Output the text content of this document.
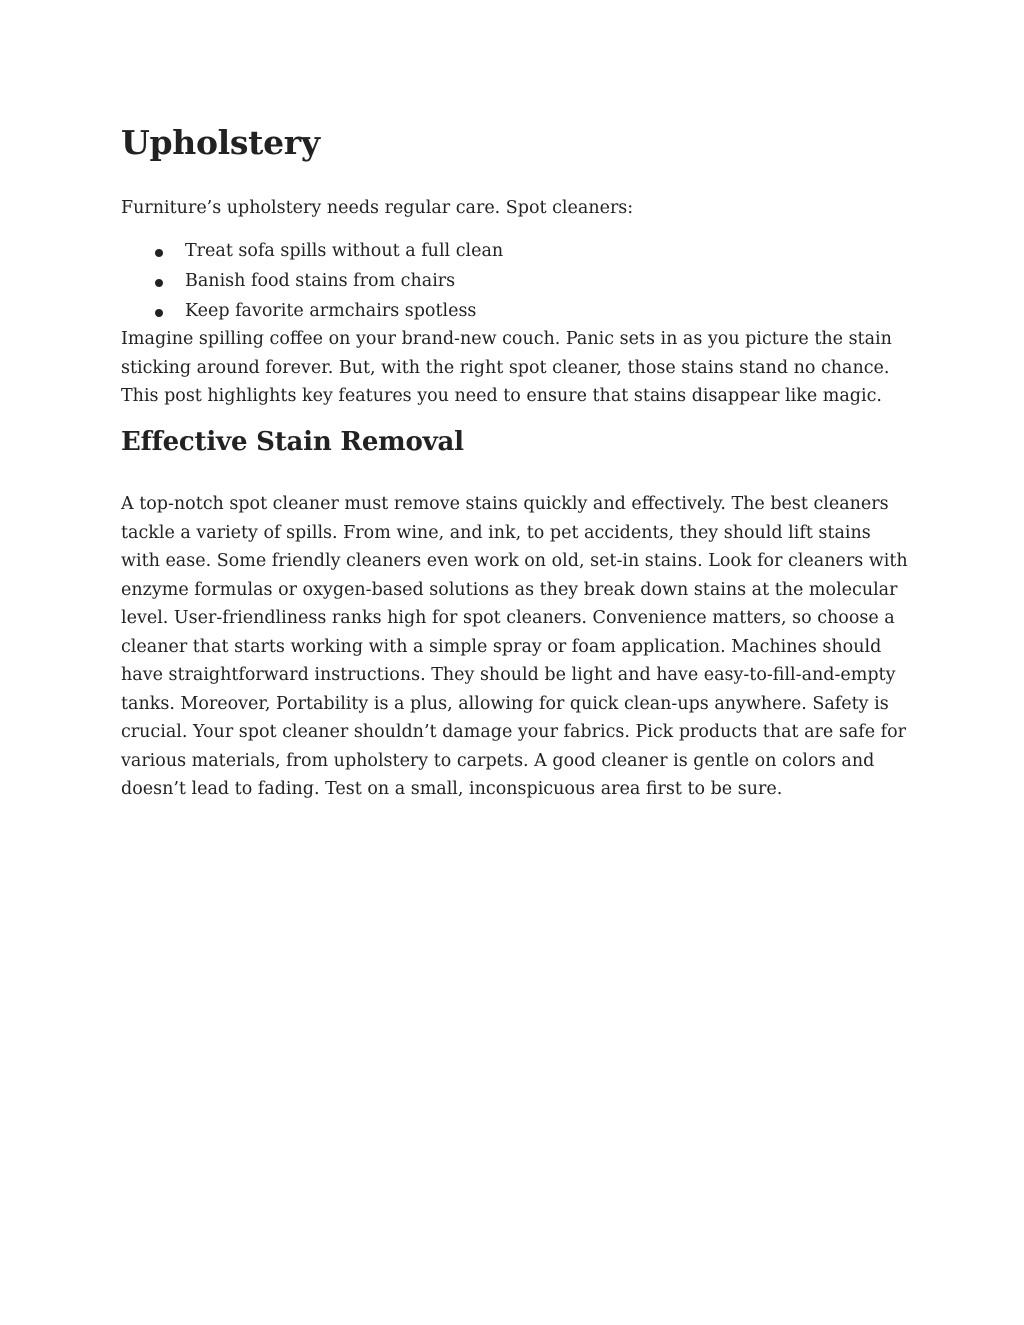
Upholstery

Furniture’s upholstery needs regular care. Spot cleaners:

Treat sofa spills without a full clean
Banish food stains from chairs
Keep favorite armchairs spotless

Imagine spilling coffee on your brand-new couch. Panic sets in as you picture the stain sticking around forever. But, with the right spot cleaner, those stains stand no chance. This post highlights key features you need to ensure that stains disappear like magic.

Effective Stain Removal

A top-notch spot cleaner must remove stains quickly and effectively. The best cleaners tackle a variety of spills. From wine, and ink, to pet accidents, they should lift stains with ease. Some friendly cleaners even work on old, set-in stains. Look for cleaners with enzyme formulas or oxygen-based solutions as they break down stains at the molecular level. User-friendliness ranks high for spot cleaners. Convenience matters, so choose a cleaner that starts working with a simple spray or foam application. Machines should have straightforward instructions. They should be light and have easy-to-fill-and-empty tanks. Moreover, Portability is a plus, allowing for quick clean-ups anywhere. Safety is crucial. Your spot cleaner shouldn’t damage your fabrics. Pick products that are safe for various materials, from upholstery to carpets. A good cleaner is gentle on colors and doesn’t lead to fading. Test on a small, inconspicuous area first to be sure.
